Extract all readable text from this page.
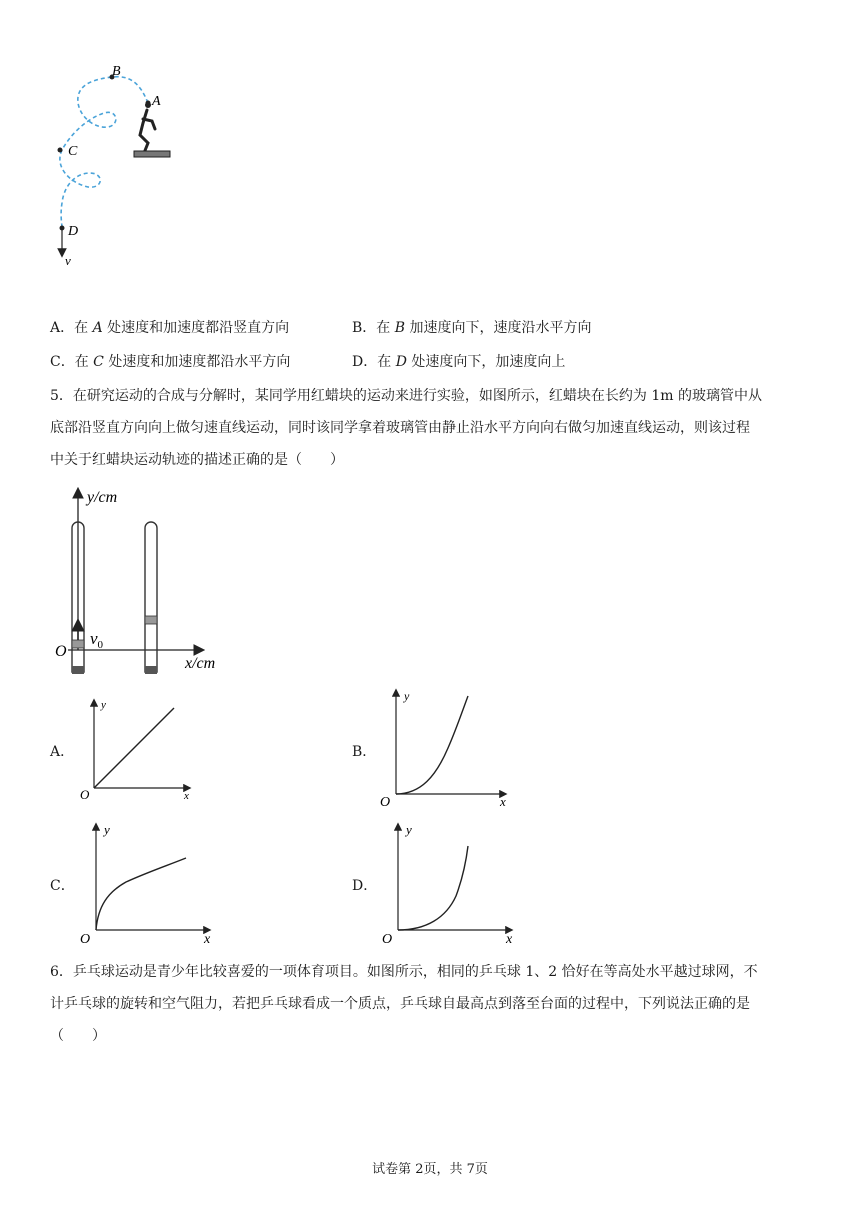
B
A
C
D
v
A．在 A 处速度和加速度都沿竖直方向	B．在 B 加速度向下，速度沿水平方向
C．在 C 处速度和加速度都沿水平方向	D．在 D 处速度向下，加速度向上
5．在研究运动的合成与分解时，某同学用红蜡块的运动来进行实验，如图所示，红蜡块在长约为 1m 的玻璃管中从
底部沿竖直方向向上做匀速直线运动，同时该同学拿着玻璃管由静止沿水平方向向右做匀加速直线运动，则该过程
中关于红蜡块运动轨迹的描述正确的是（　　）
$v_0$
y/cm
x/cm
O
A．
y
x
O
B．
y
x
O
C．
y
x
O
D．
y
x
O
6．乒乓球运动是青少年比较喜爱的一项体育项目。如图所示，相同的乒乓球 1、2 恰好在等高处水平越过球网，不
计乒乓球的旋转和空气阻力，若把乒乓球看成一个质点，乒乓球自最高点到落至台面的过程中，下列说法正确的是
（　　）
试卷第 2页，共 7页
